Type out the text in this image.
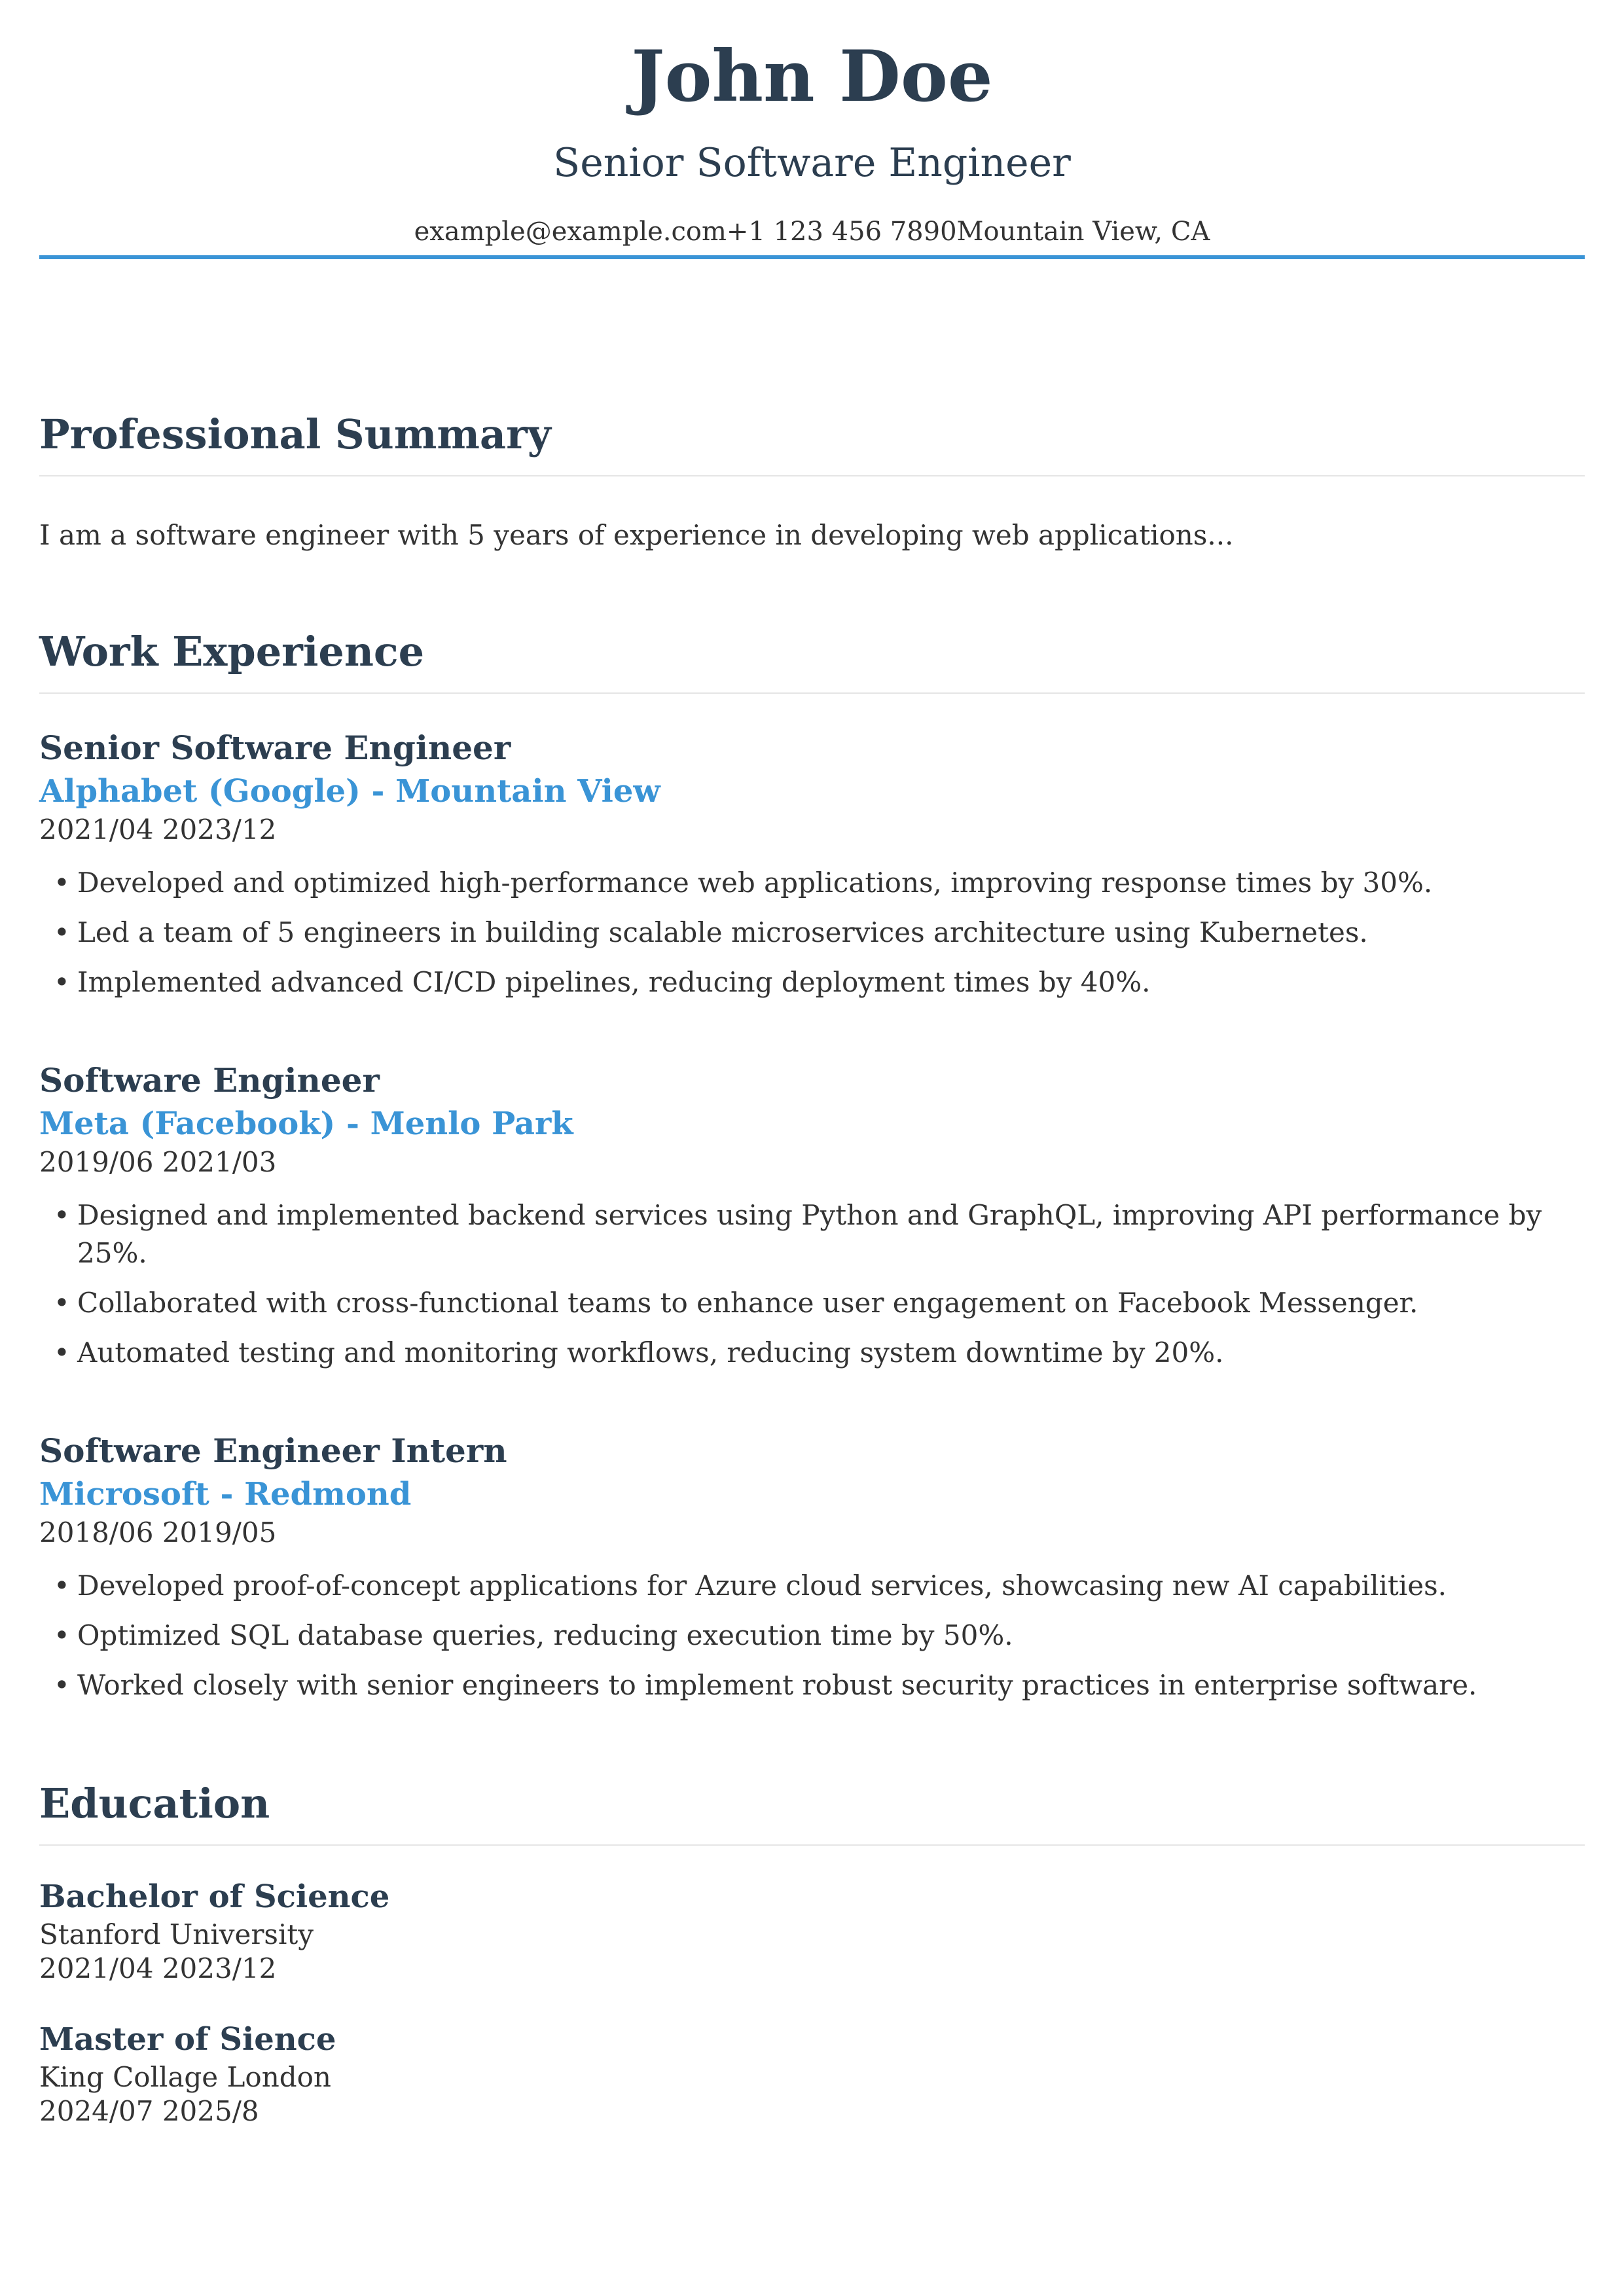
John Doe
Senior Software Engineer
example@example.com+1 123 456 7890Mountain View, CA
Professional Summary
I am a software engineer with 5 years of experience in developing web applications...
Work Experience
Senior Software Engineer
Alphabet (Google) - Mountain View
2021/04 2023/12
• Developed and optimized high-performance web applications, improving response times by 30%.
• Led a team of 5 engineers in building scalable microservices architecture using Kubernetes.
• Implemented advanced CI/CD pipelines, reducing deployment times by 40%.
Software Engineer
Meta (Facebook) - Menlo Park
2019/06 2021/03
• Designed and implemented backend services using Python and GraphQL, improving API performance by 25%.
• Collaborated with cross-functional teams to enhance user engagement on Facebook Messenger.
• Automated testing and monitoring workflows, reducing system downtime by 20%.
Software Engineer Intern
Microsoft - Redmond
2018/06 2019/05
• Developed proof-of-concept applications for Azure cloud services, showcasing new AI capabilities.
• Optimized SQL database queries, reducing execution time by 50%.
• Worked closely with senior engineers to implement robust security practices in enterprise software.
Education
Bachelor of Science
Stanford University
2021/04 2023/12
Master of Sience
King Collage London
2024/07 2025/8
